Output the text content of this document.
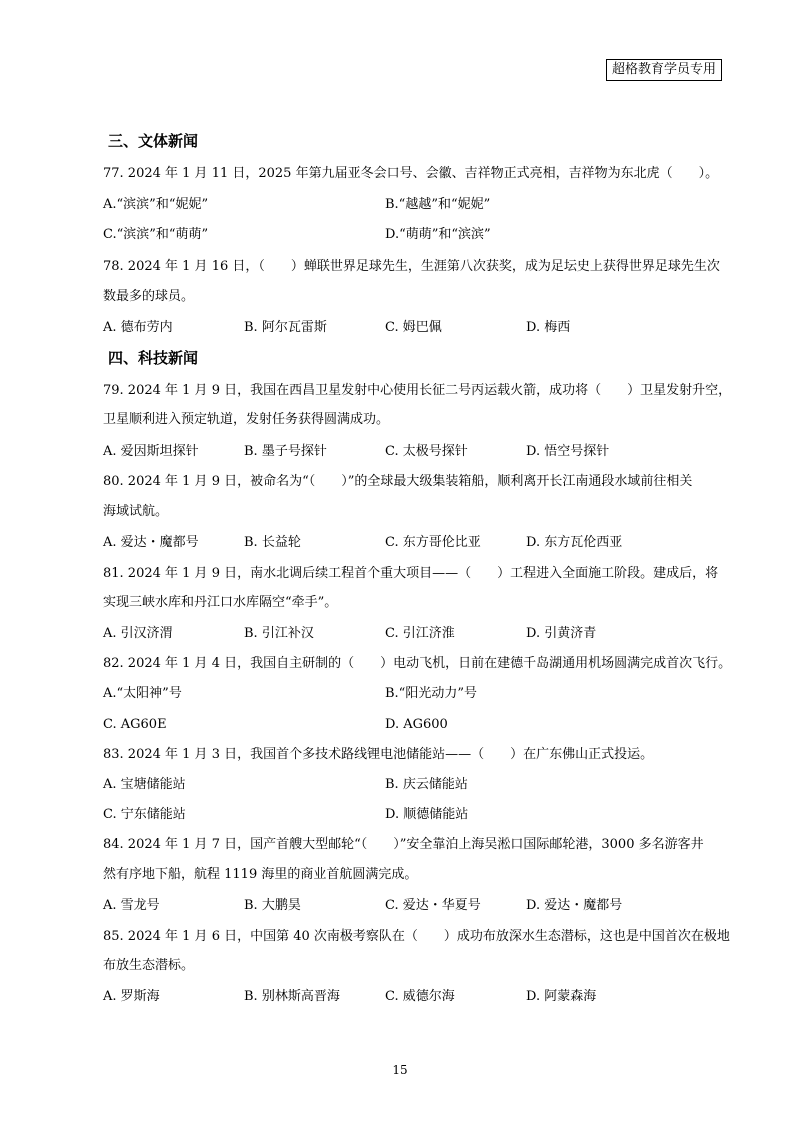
超格教育学员专用
三、文体新闻
77. 2024 年 1 月 11 日，2025 年第九届亚冬会口号、会徽、吉祥物正式亮相，吉祥物为东北虎（　　）。
A.“滨滨”和“妮妮”	B.“越越”和“妮妮”
C.“滨滨”和“萌萌”	D.“萌萌”和“滨滨”
78. 2024 年 1 月 16 日，（　　）蝉联世界足球先生，生涯第八次获奖，成为足坛史上获得世界足球先生次
数最多的球员。
A. 德布劳内	B. 阿尔瓦雷斯	C. 姆巴佩	D. 梅西
四、科技新闻
79. 2024 年 1 月 9 日，我国在西昌卫星发射中心使用长征二号丙运载火箭，成功将（　　）卫星发射升空，
卫星顺利进入预定轨道，发射任务获得圆满成功。
A. 爱因斯坦探针	B. 墨子号探针	C. 太极号探针	D. 悟空号探针
80. 2024 年 1 月 9 日，被命名为“（　　）”的全球最大级集装箱船，顺利离开长江南通段水域前往相关
海域试航。
A. 爱达・魔都号	B. 长益轮	C. 东方哥伦比亚	D. 东方瓦伦西亚
81. 2024 年 1 月 9 日，南水北调后续工程首个重大项目——（　　）工程进入全面施工阶段。建成后，将
实现三峡水库和丹江口水库隔空“牵手”。
A. 引汉济渭	B. 引江补汉	C. 引江济淮	D. 引黄济青
82. 2024 年 1 月 4 日，我国自主研制的（　　）电动飞机，日前在建德千岛湖通用机场圆满完成首次飞行。
A.“太阳神”号	B.“阳光动力”号
C. AG60E	D. AG600
83. 2024 年 1 月 3 日，我国首个多技术路线锂电池储能站——（　　）在广东佛山正式投运。
A. 宝塘储能站	B. 庆云储能站
C. 宁东储能站	D. 顺德储能站
84. 2024 年 1 月 7 日，国产首艘大型邮轮“（　　）”安全靠泊上海吴淞口国际邮轮港，3000 多名游客井
然有序地下船，航程 1119 海里的商业首航圆满完成。
A. 雪龙号	B. 大鹏昊	C. 爱达・华夏号	D. 爱达・魔都号
85. 2024 年 1 月 6 日，中国第 40 次南极考察队在（　　）成功布放深水生态潜标，这也是中国首次在极地
布放生态潜标。
A. 罗斯海	B. 别林斯高晋海	C. 威德尔海	D. 阿蒙森海
15
